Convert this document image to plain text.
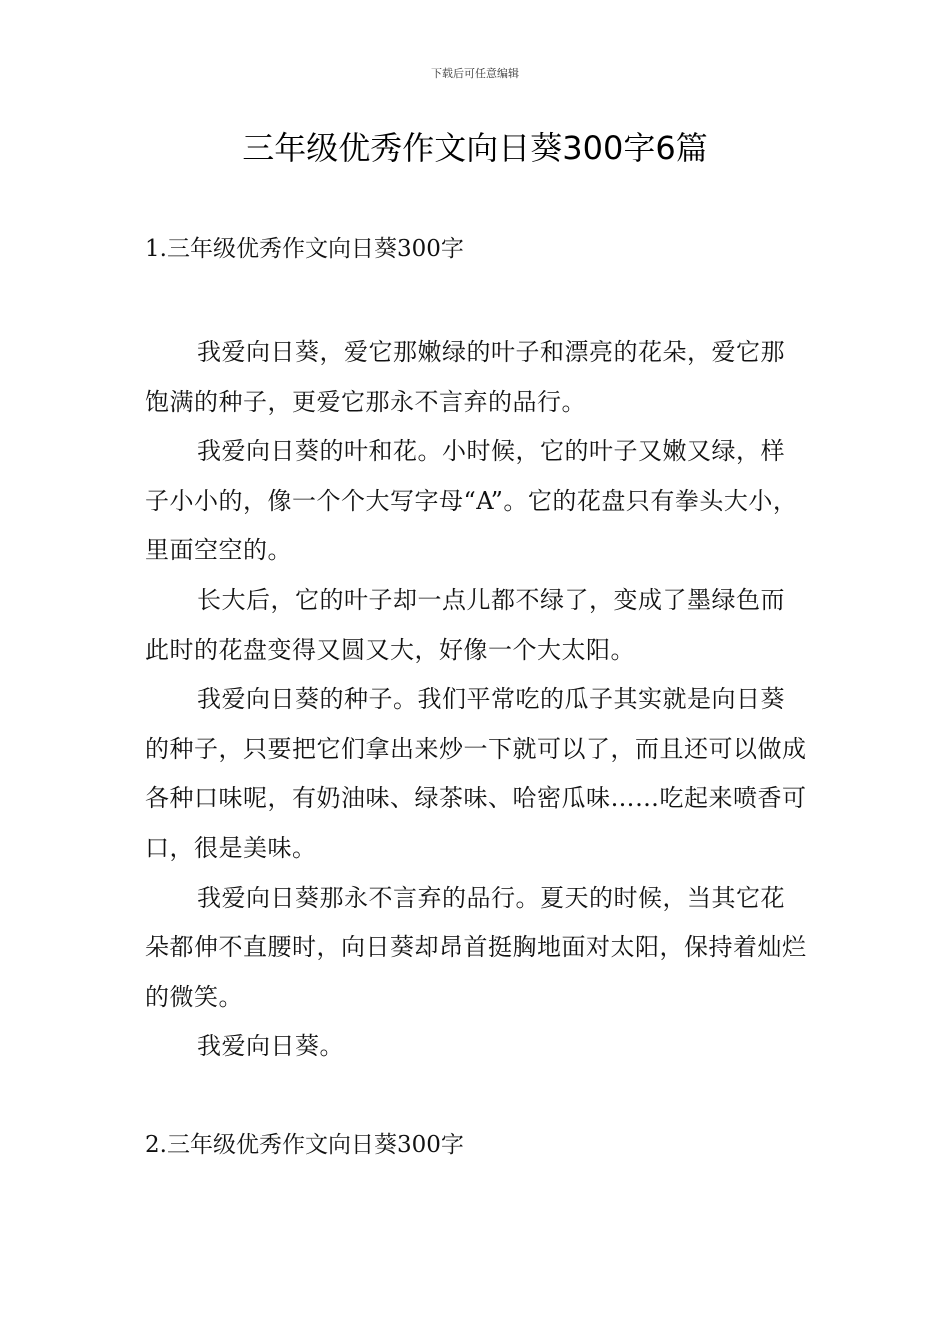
下载后可任意编辑
三年级优秀作文向日葵300字6篇
1.三年级优秀作文向日葵300字

我爱向日葵，爱它那嫩绿的叶子和漂亮的花朵，爱它那饱满的种子，更爱它那永不言弃的品行。

我爱向日葵的叶和花。小时候，它的叶子又嫩又绿，样子小小的，像一个个大写字母“A”。它的花盘只有拳头大小，里面空空的。

长大后，它的叶子却一点儿都不绿了，变成了墨绿色而此时的花盘变得又圆又大，好像一个大太阳。

我爱向日葵的种子。我们平常吃的瓜子其实就是向日葵的种子，只要把它们拿出来炒一下就可以了，而且还可以做成各种口味呢，有奶油味、绿茶味、哈密瓜味……吃起来喷香可口，很是美味。

我爱向日葵那永不言弃的品行。夏天的时候，当其它花朵都伸不直腰时，向日葵却昂首挺胸地面对太阳，保持着灿烂的微笑。

我爱向日葵。

2.三年级优秀作文向日葵300字
